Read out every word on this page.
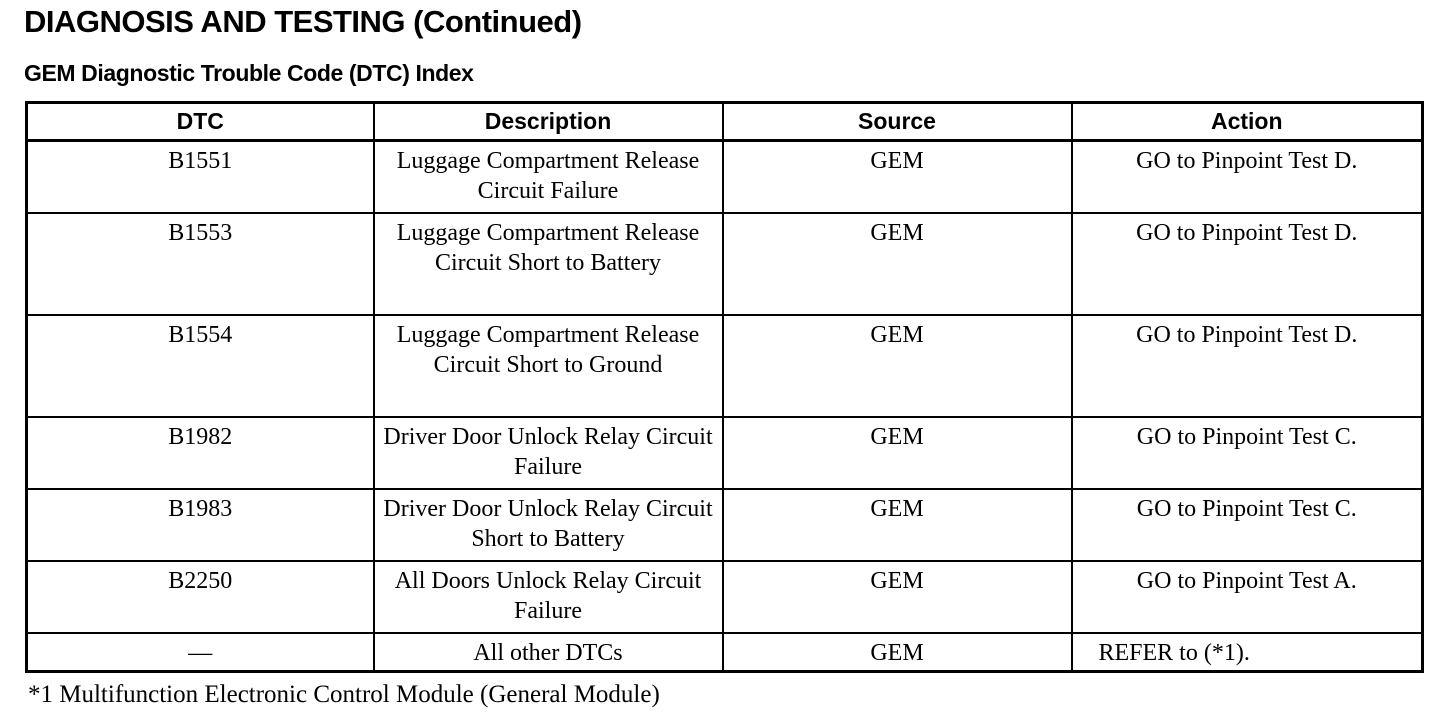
DIAGNOSIS AND TESTING (Continued)
GEM Diagnostic Trouble Code (DTC) Index
DTC	Description	Source	Action
B1551	Luggage Compartment Release Circuit Failure	GEM	GO to Pinpoint Test D.
B1553	Luggage Compartment Release Circuit Short to Battery	GEM	GO to Pinpoint Test D.
B1554	Luggage Compartment Release Circuit Short to Ground	GEM	GO to Pinpoint Test D.
B1982	Driver Door Unlock Relay Circuit Failure	GEM	GO to Pinpoint Test C.
B1983	Driver Door Unlock Relay Circuit Short to Battery	GEM	GO to Pinpoint Test C.
B2250	All Doors Unlock Relay Circuit Failure	GEM	GO to Pinpoint Test A.
—	All other DTCs	GEM	REFER to (*1).
*1 Multifunction Electronic Control Module (General Module)
